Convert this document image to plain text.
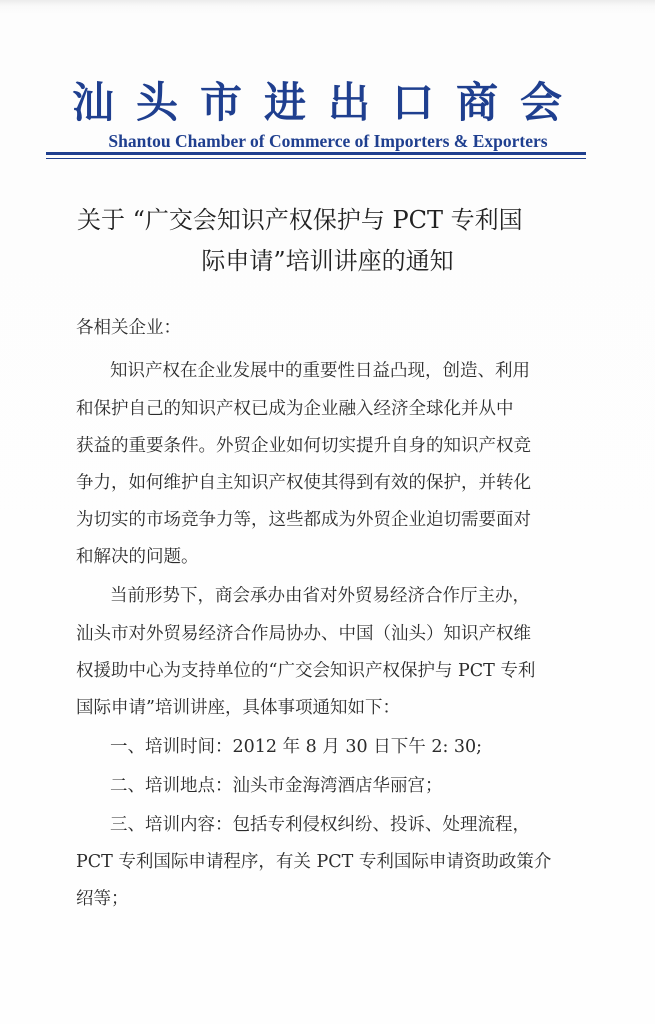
汕头市进出口商会
Shantou Chamber of Commerce of Importers & Exporters
关于 “广交会知识产权保护与 PCT 专利国
际申请”培训讲座的通知
各相关企业：
知识产权在企业发展中的重要性日益凸现，创造、利用
和保护自己的知识产权已成为企业融入经济全球化并从中
获益的重要条件。外贸企业如何切实提升自身的知识产权竞
争力，如何维护自主知识产权使其得到有效的保护，并转化
为切实的市场竞争力等，这些都成为外贸企业迫切需要面对
和解决的问题。
当前形势下，商会承办由省对外贸易经济合作厅主办，
汕头市对外贸易经济合作局协办、中国（汕头）知识产权维
权援助中心为支持单位的“广交会知识产权保护与 PCT 专利
国际申请”培训讲座，具体事项通知如下：
一、培训时间：2012 年 8 月 30 日下午 2: 30;
二、培训地点：汕头市金海湾酒店华丽宫；
三、培训内容：包括专利侵权纠纷、投诉、处理流程，
PCT 专利国际申请程序，有关 PCT 专利国际申请资助政策介
绍等；
